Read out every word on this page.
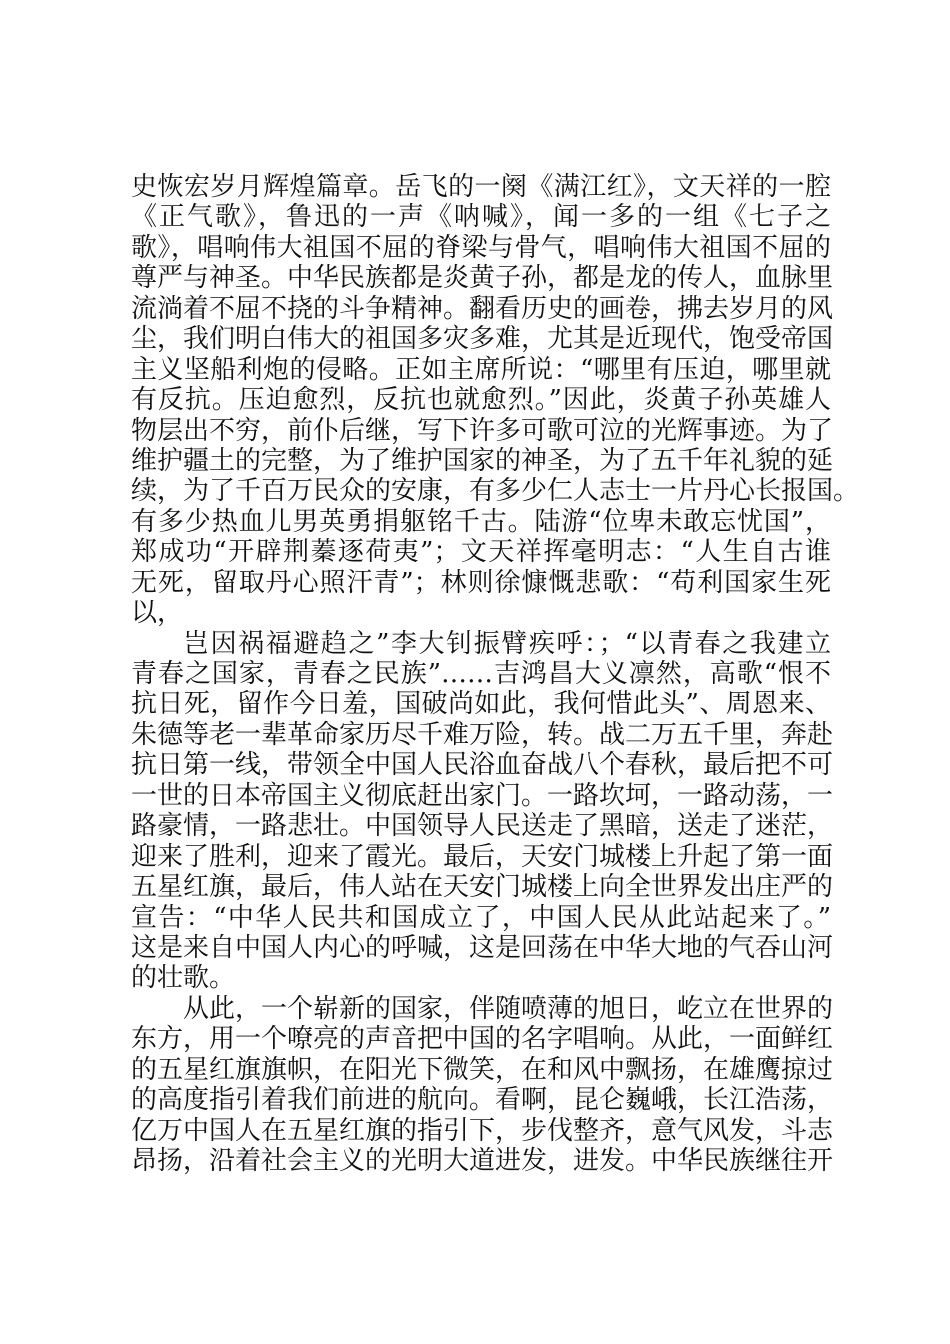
史恢宏岁月辉煌篇章。岳飞的一阕《满江红》，文天祥的一腔
《正气歌》，鲁迅的一声《呐喊》，闻一多的一组《七子之
歌》，唱响伟大祖国不屈的脊梁与骨气，唱响伟大祖国不屈的
尊严与神圣。中华民族都是炎黄子孙，都是龙的传人，血脉里
流淌着不屈不挠的斗争精神。翻看历史的画卷，拂去岁月的风
尘，我们明白伟大的祖国多灾多难，尤其是近现代，饱受帝国
主义坚船利炮的侵略。正如主席所说：“哪里有压迫，哪里就
有反抗。压迫愈烈，反抗也就愈烈。”因此，炎黄子孙英雄人
物层出不穷，前仆后继，写下许多可歌可泣的光辉事迹。为了
维护疆土的完整，为了维护国家的神圣，为了五千年礼貌的延
续，为了千百万民众的安康，有多少仁人志士一片丹心长报国。
有多少热血儿男英勇捐躯铭千古。陆游“位卑未敢忘忧国”，
郑成功“开辟荆蓁逐荷夷”；文天祥挥毫明志：“人生自古谁
无死，留取丹心照汗青”；林则徐慷慨悲歌：“苟利国家生死
以，
岂因祸福避趋之”李大钊振臂疾呼：；“以青春之我建立
青春之国家，青春之民族”……吉鸿昌大义凛然，高歌“恨不
抗日死，留作今日羞，国破尚如此，我何惜此头”、周恩来、
朱德等老一辈革命家历尽千难万险，转。战二万五千里，奔赴
抗日第一线，带领全中国人民浴血奋战八个春秋，最后把不可
一世的日本帝国主义彻底赶出家门。一路坎坷，一路动荡，一
路豪情，一路悲壮。中国领导人民送走了黑暗，送走了迷茫，
迎来了胜利，迎来了霞光。最后，天安门城楼上升起了第一面
五星红旗，最后，伟人站在天安门城楼上向全世界发出庄严的
宣告：“中华人民共和国成立了，中国人民从此站起来了。”
这是来自中国人内心的呼喊，这是回荡在中华大地的气吞山河
的壮歌。
从此，一个崭新的国家，伴随喷薄的旭日，屹立在世界的
东方，用一个嘹亮的声音把中国的名字唱响。从此，一面鲜红
的五星红旗旗帜，在阳光下微笑，在和风中飘扬，在雄鹰掠过
的高度指引着我们前进的航向。看啊，昆仑巍峨，长江浩荡，
亿万中国人在五星红旗的指引下，步伐整齐，意气风发，斗志
昂扬，沿着社会主义的光明大道进发，进发。中华民族继往开
